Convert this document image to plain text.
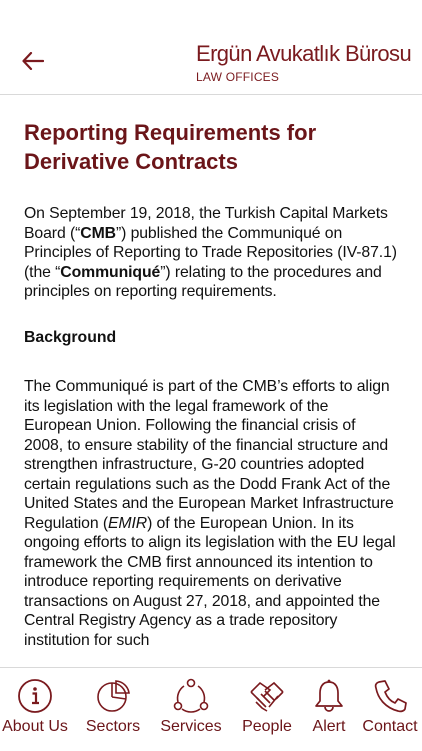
Ergün Avukatlık Bürosu
LAW OFFICES
Reporting Requirements for
Derivative Contracts

On September 19, 2018, the Turkish Capital Markets Board (“CMB”) published the Communiqué on Principles of Reporting to Trade Repositories (IV-87.1) (the “Communiqué”) relating to the procedures and principles on reporting requirements.

Background

The Communiqué is part of the CMB’s efforts to align its legislation with the legal framework of the European Union. Following the financial crisis of 2008, to ensure stability of the financial structure and strengthen infrastructure, G-20 countries adopted certain regulations such as the Dodd Frank Act of the United States and the European Market Infrastructure Regulation (EMIR) of the European Union. In its ongoing efforts to align its legislation with the EU legal framework the CMB first announced its intention to introduce reporting requirements on derivative transactions on August 27, 2018, and appointed the Central Registry Agency as a trade repository institution for such

About Us Sectors Services People Alert Contact
